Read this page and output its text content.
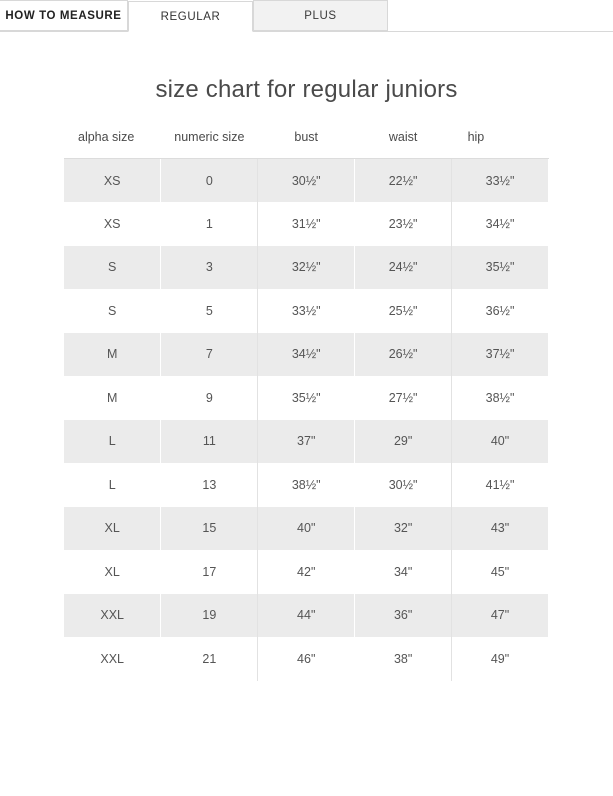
HOW TO MEASURE	REGULAR	PLUS
size chart for regular juniors
alpha size	numeric size	bust	waist	hip
XS	0	30½"	22½"	33½"
XS	1	31½"	23½"	34½"
S	3	32½"	24½"	35½"
S	5	33½"	25½"	36½"
M	7	34½"	26½"	37½"
M	9	35½"	27½"	38½"
L	11	37"	29"	40"
L	13	38½"	30½"	41½"
XL	15	40"	32"	43"
XL	17	42"	34"	45"
XXL	19	44"	36"	47"
XXL	21	46"	38"	49"
